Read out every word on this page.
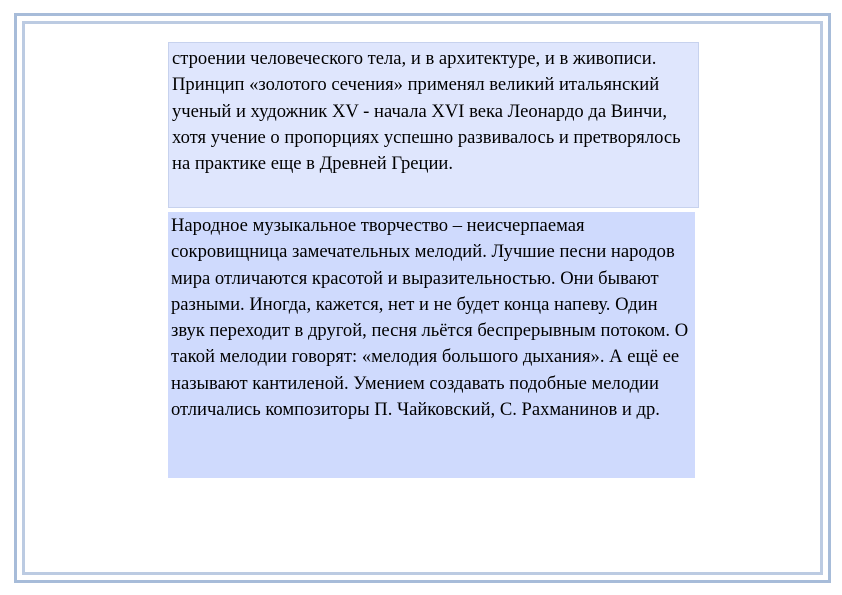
строении человеческого тела, и в архитектуре, и в живописи. Принцип «золотого сечения» применял великий итальянский ученый и художник XV - начала XVI века Леонардо да Винчи, хотя учение о пропорциях успешно развивалось и претворялось на практике еще в Древней Греции.

Народное музыкальное творчество – неисчерпаемая сокровищница замечательных мелодий. Лучшие песни народов мира отличаются красотой и выразительностью. Они бывают разными. Иногда, кажется, нет и не будет конца напеву. Один звук переходит в другой, песня льётся беспрерывным потоком. О такой мелодии говорят: «мелодия большого дыхания». А ещё ее называют кантиленой. Умением создавать подобные мелодии отличались композиторы П. Чайковский, С. Рахманинов и др.
